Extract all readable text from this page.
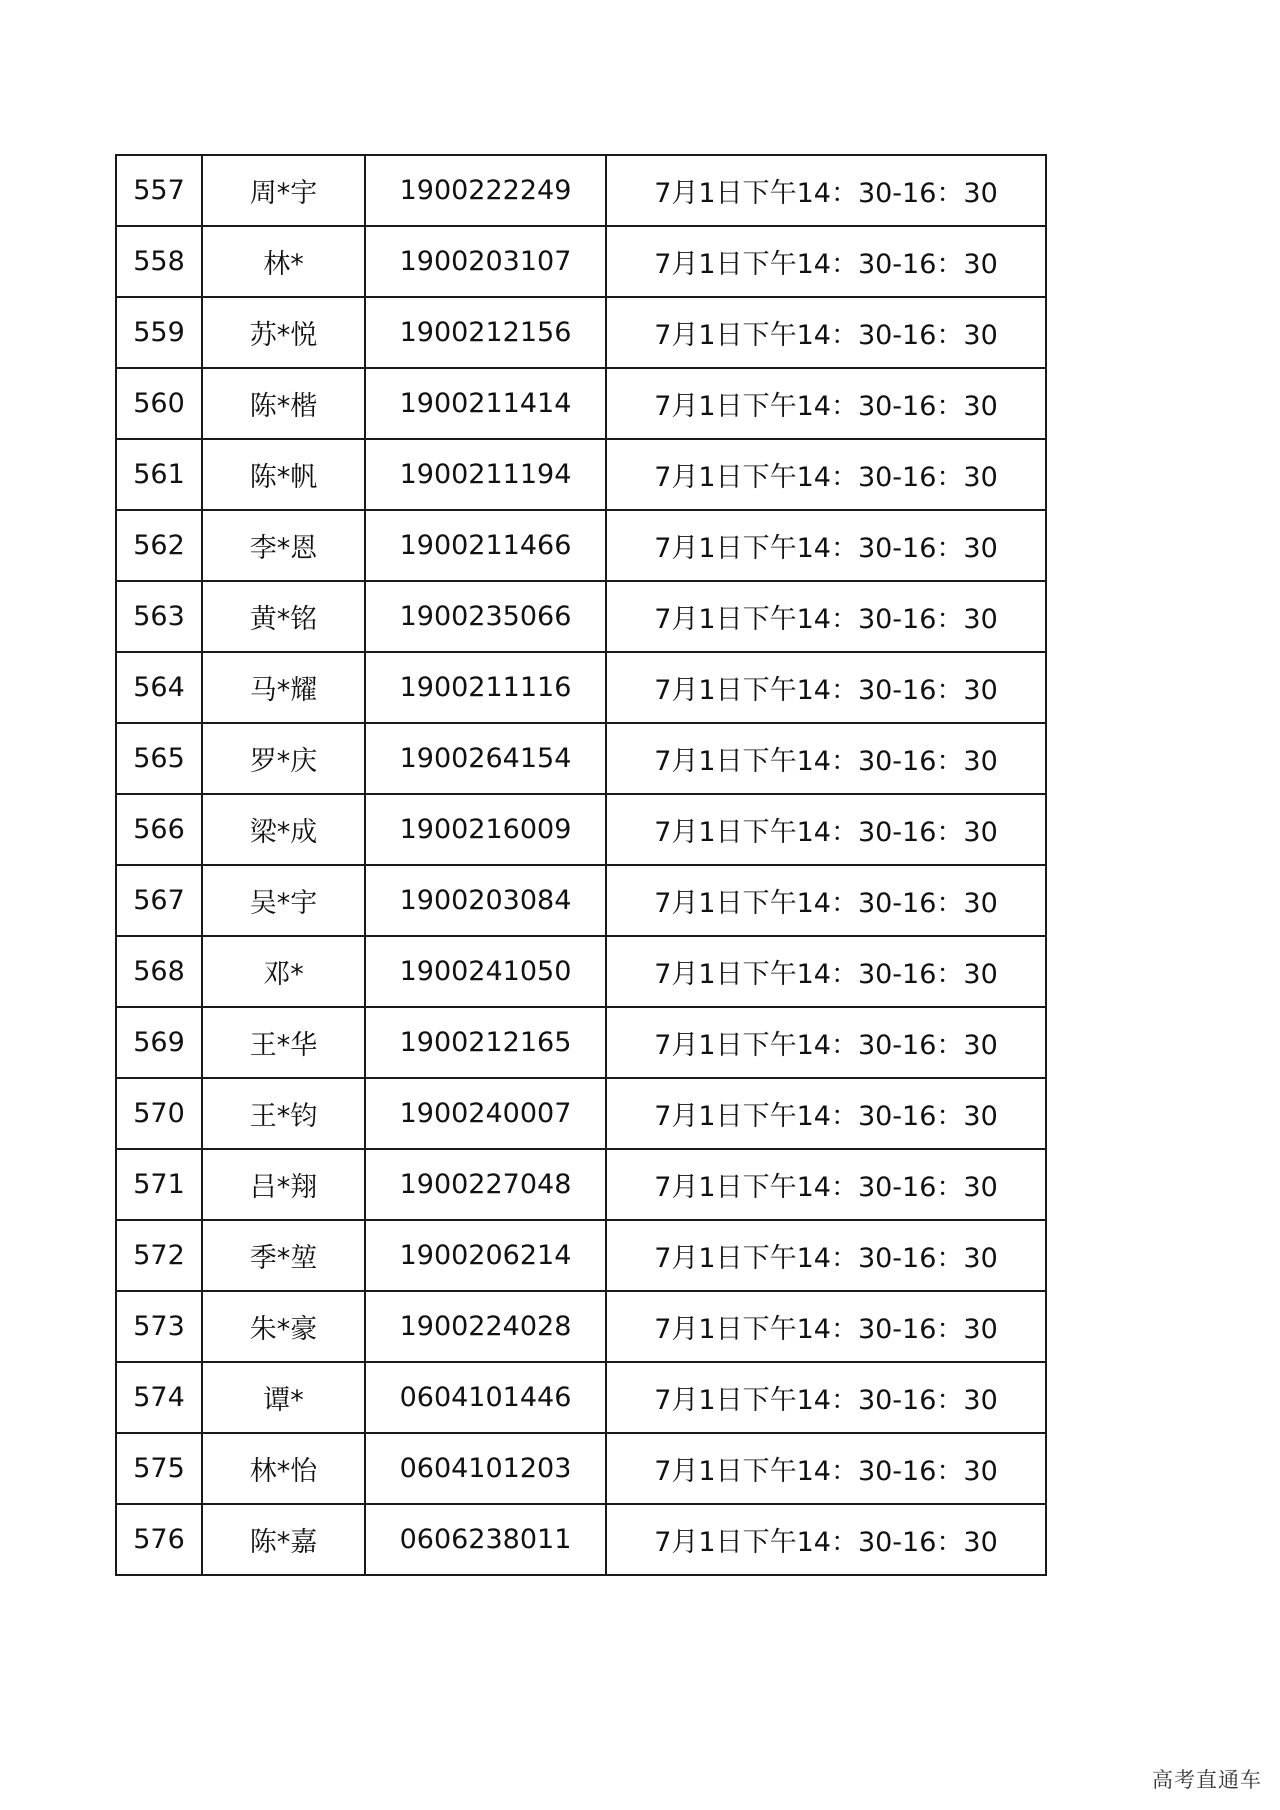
557	周*宇	1900222249	7月1日下午14：30-16：30
558	林*	1900203107	7月1日下午14：30-16：30
559	苏*悦	1900212156	7月1日下午14：30-16：30
560	陈*楷	1900211414	7月1日下午14：30-16：30
561	陈*帆	1900211194	7月1日下午14：30-16：30
562	李*恩	1900211466	7月1日下午14：30-16：30
563	黄*铭	1900235066	7月1日下午14：30-16：30
564	马*耀	1900211116	7月1日下午14：30-16：30
565	罗*庆	1900264154	7月1日下午14：30-16：30
566	梁*成	1900216009	7月1日下午14：30-16：30
567	吴*宇	1900203084	7月1日下午14：30-16：30
568	邓*	1900241050	7月1日下午14：30-16：30
569	王*华	1900212165	7月1日下午14：30-16：30
570	王*钧	1900240007	7月1日下午14：30-16：30
571	吕*翔	1900227048	7月1日下午14：30-16：30
572	季*堃	1900206214	7月1日下午14：30-16：30
573	朱*豪	1900224028	7月1日下午14：30-16：30
574	谭*	0604101446	7月1日下午14：30-16：30
575	林*怡	0604101203	7月1日下午14：30-16：30
576	陈*嘉	0606238011	7月1日下午14：30-16：30
高考直通车
